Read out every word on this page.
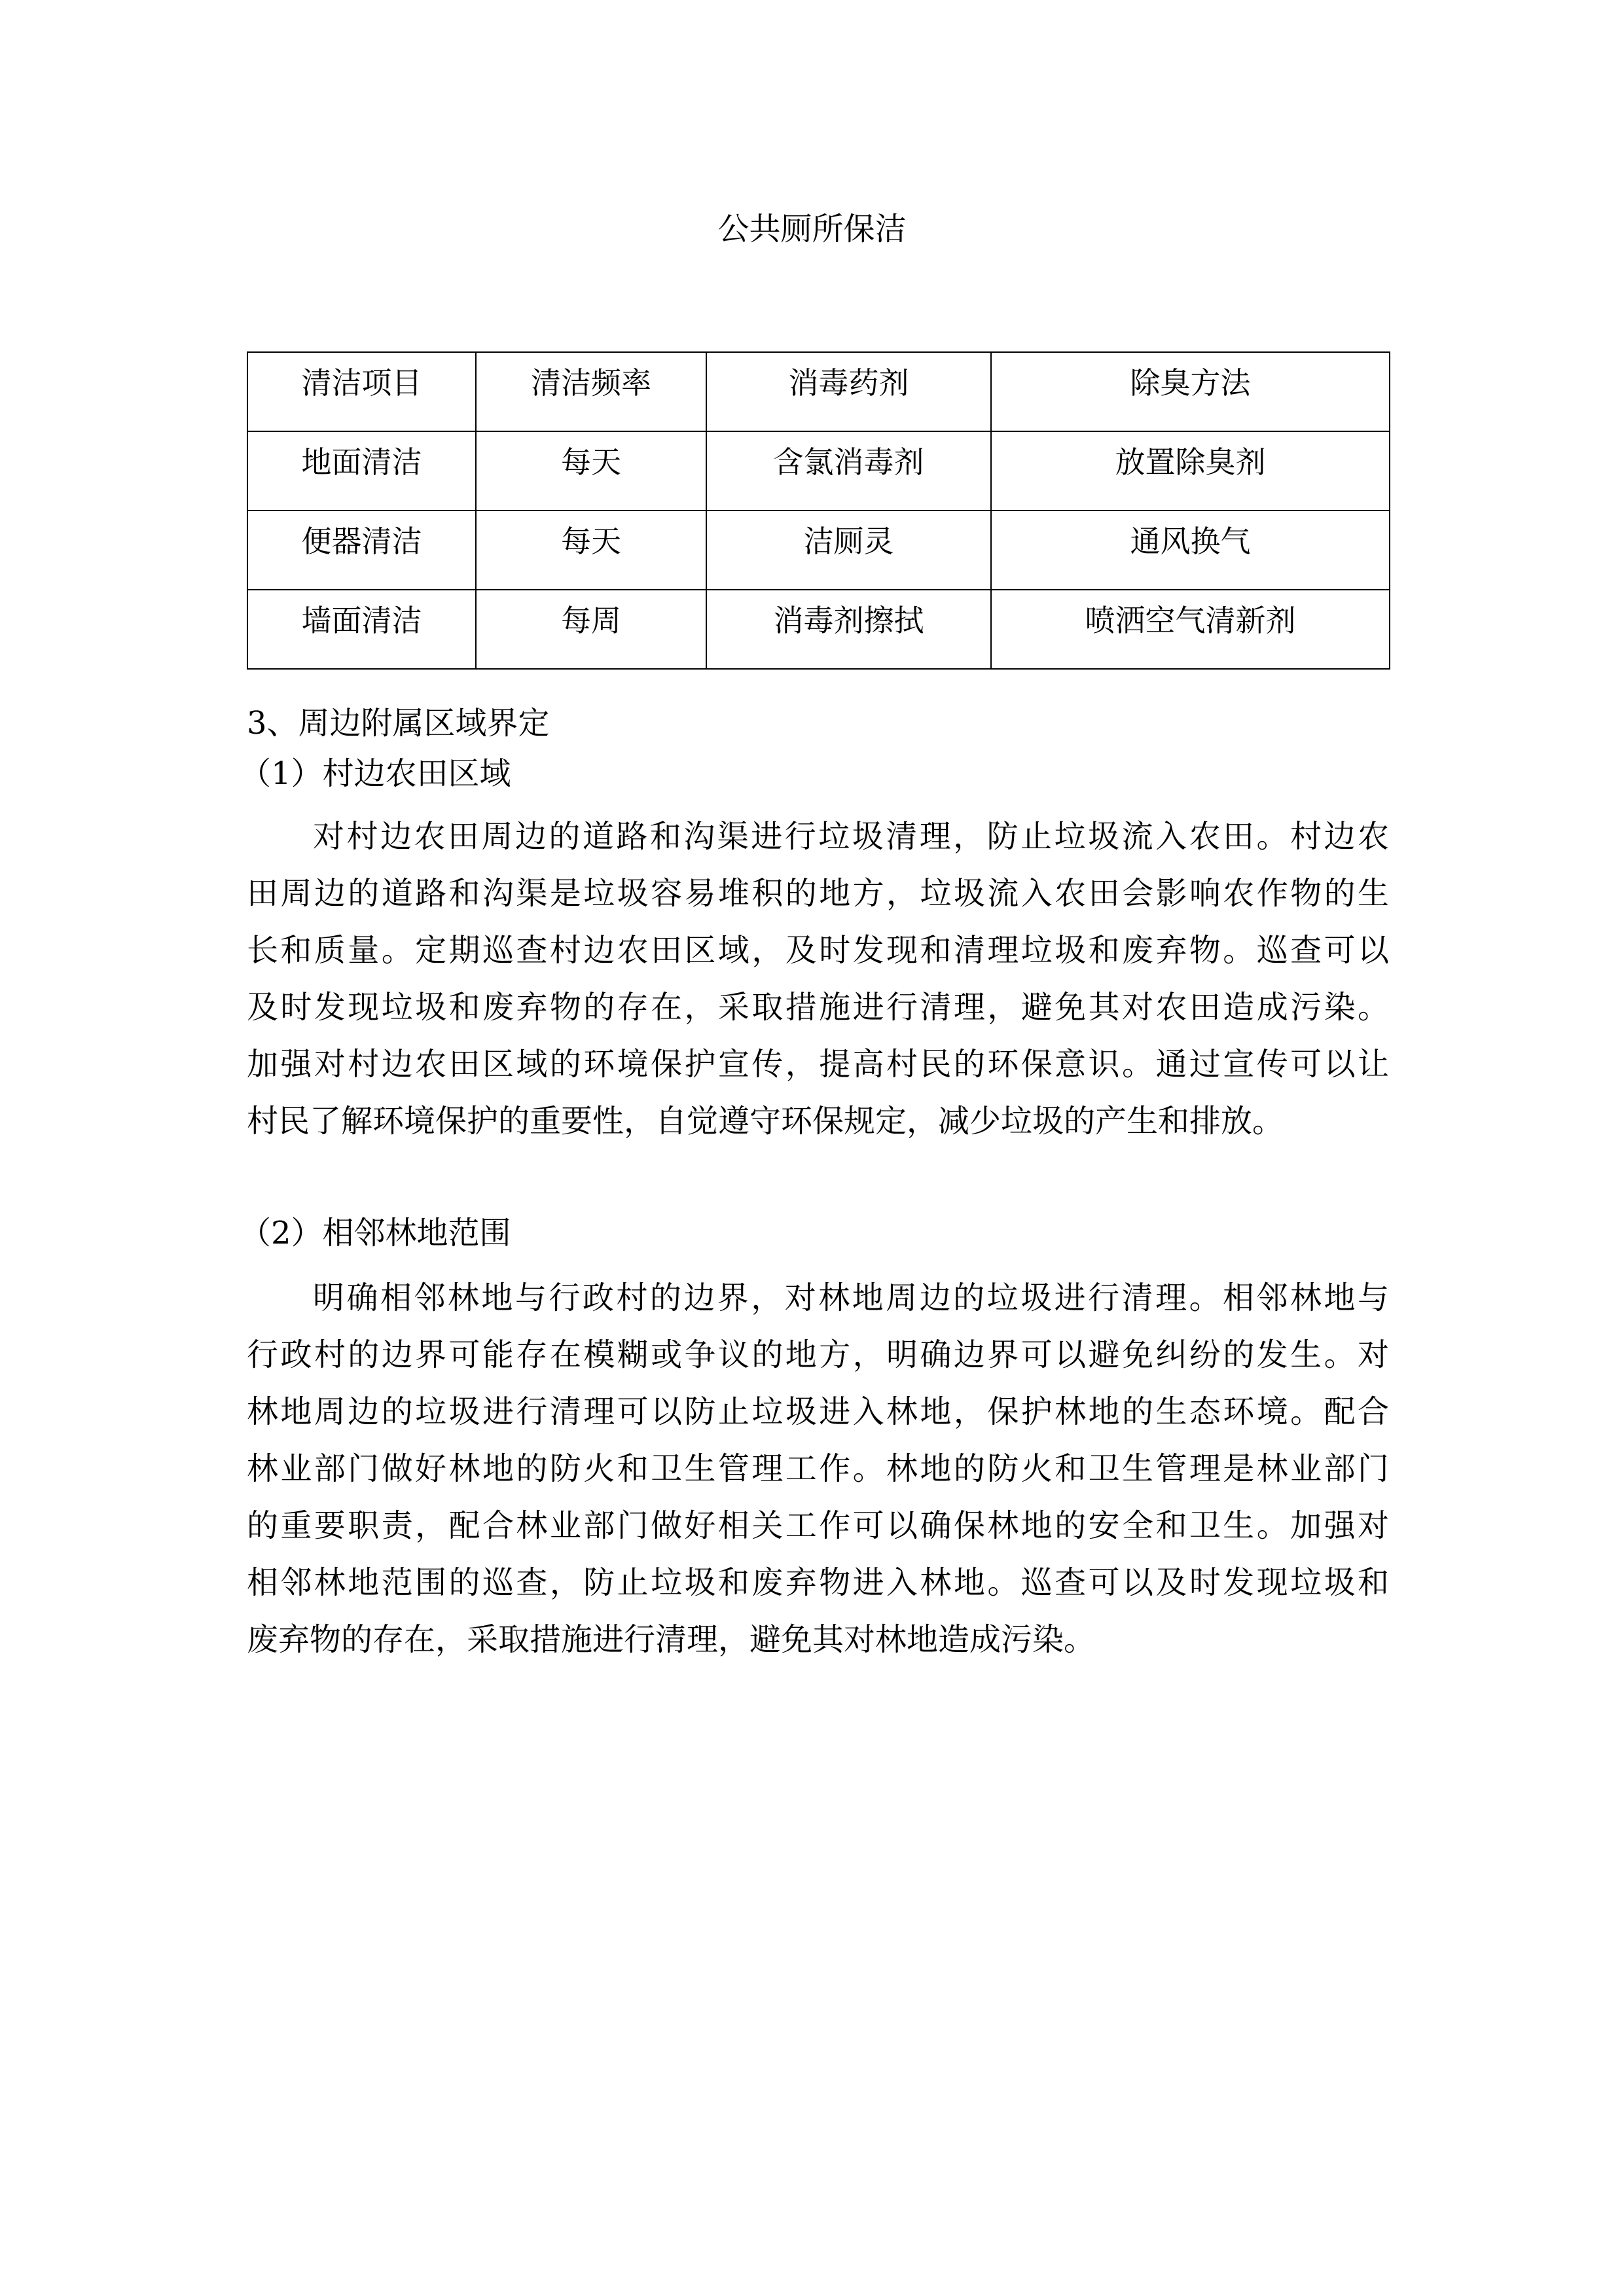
公共厕所保洁
清洁项目	清洁频率	消毒药剂	除臭方法
地面清洁	每天	含氯消毒剂	放置除臭剂
便器清洁	每天	洁厕灵	通风换气
墙面清洁	每周	消毒剂擦拭	喷洒空气清新剂
3、周边附属区域界定
（1）村边农田区域
对村边农田周边的道路和沟渠进行垃圾清理，防止垃圾流入农田。村边农
田周边的道路和沟渠是垃圾容易堆积的地方，垃圾流入农田会影响农作物的生
长和质量。定期巡查村边农田区域，及时发现和清理垃圾和废弃物。巡查可以
及时发现垃圾和废弃物的存在，采取措施进行清理，避免其对农田造成污染。
加强对村边农田区域的环境保护宣传，提高村民的环保意识。通过宣传可以让
村民了解环境保护的重要性，自觉遵守环保规定，减少垃圾的产生和排放。
（2）相邻林地范围
明确相邻林地与行政村的边界，对林地周边的垃圾进行清理。相邻林地与
行政村的边界可能存在模糊或争议的地方，明确边界可以避免纠纷的发生。对
林地周边的垃圾进行清理可以防止垃圾进入林地，保护林地的生态环境。配合
林业部门做好林地的防火和卫生管理工作。林地的防火和卫生管理是林业部门
的重要职责，配合林业部门做好相关工作可以确保林地的安全和卫生。加强对
相邻林地范围的巡查，防止垃圾和废弃物进入林地。巡查可以及时发现垃圾和
废弃物的存在，采取措施进行清理，避免其对林地造成污染。
